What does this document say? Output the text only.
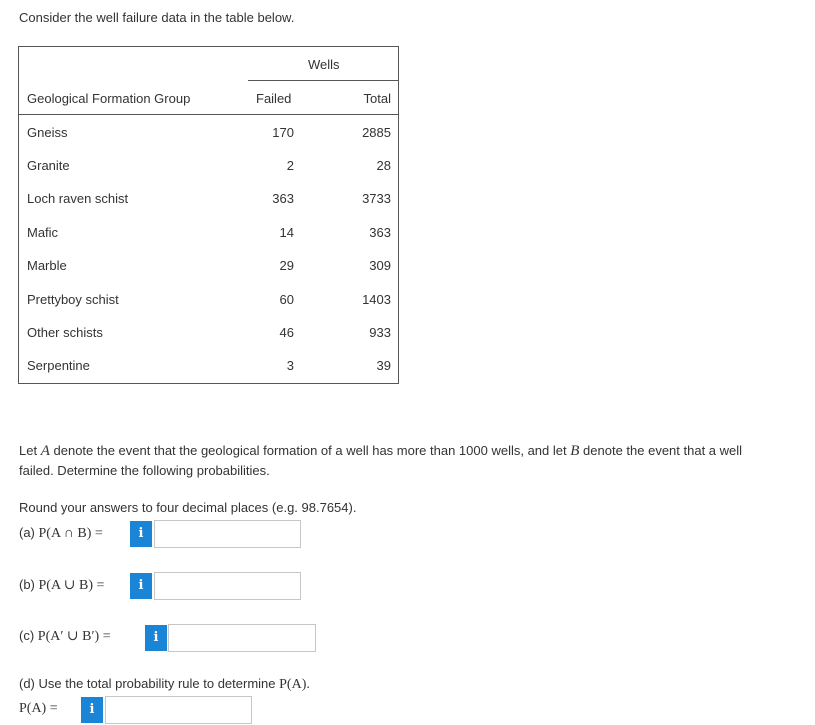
Consider the well failure data in the table below.
Wells
Geological Formation Group	Failed	Total
Gneiss	170	2885
Granite	2	28
Loch raven schist	363	3733
Mafic	14	363
Marble	29	309
Prettyboy schist	60	1403
Other schists	46	933
Serpentine	3	39
Let A denote the event that the geological formation of a well has more than 1000 wells, and let B denote the event that a well
failed. Determine the following probabilities.
Round your answers to four decimal places (e.g. 98.7654).
(a) P(A ∩ B) =	i
(b) P(A ∪ B) =	i
(c) P(A′ ∪ B′) =	i
(d) Use the total probability rule to determine P(A).
P(A) =	i
